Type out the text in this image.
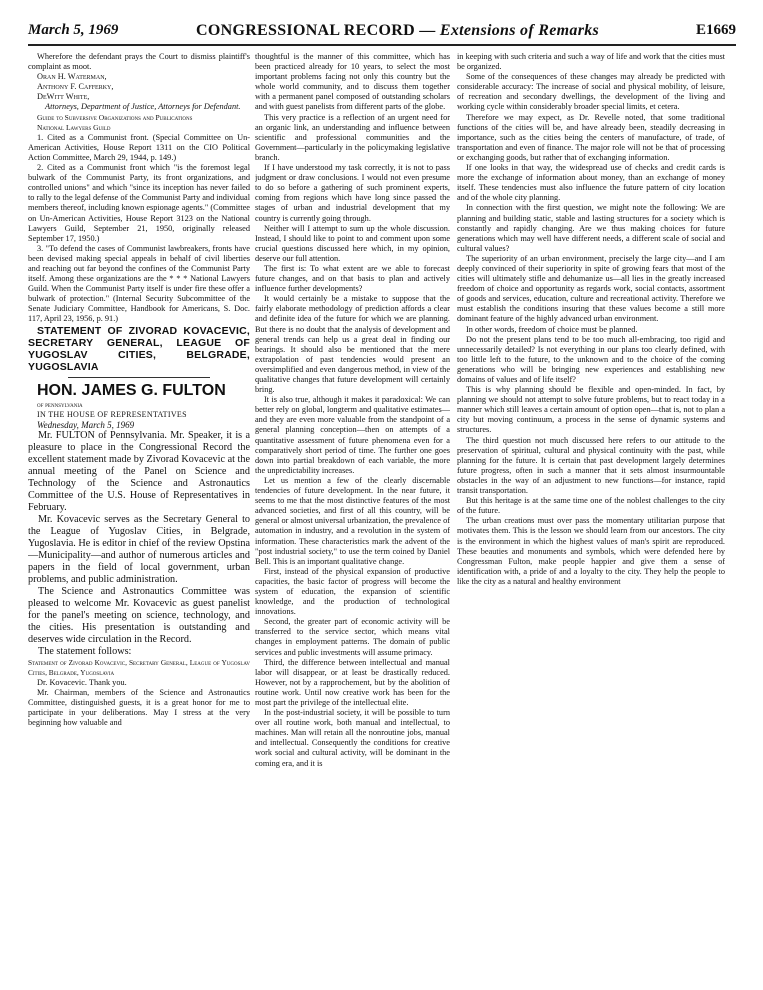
March 5, 1969	CONGRESSIONAL RECORD — Extensions of Remarks	E1669

Wherefore the defendant prays the Court to dismiss plaintiff's complaint as moot.

Oran H. Waterman,

Anthony F. Cafferky,

DeWitt White,

Attorneys, Department of Justice, Attorneys for Defendant.

Guide to Subversive Organizations and Publications

National Lawyers Guild

1. Cited as a Communist front. (Special Committee on Un-American Activities, House Report 1311 on the CIO Political Action Committee, March 29, 1944, p. 149.)

2. Cited as a Communist front which "is the foremost legal bulwark of the Communist Party, its front organizations, and controlled unions" and which "since its inception has never failed to rally to the legal defense of the Communist Party and individual members thereof, including known espionage agents." (Committee on Un-American Activities, House Report 3123 on the National Lawyers Guild, September 21, 1950, originally released September 17, 1950.)

3. "To defend the cases of Communist lawbreakers, fronts have been devised making special appeals in behalf of civil liberties and reaching out far beyond the confines of the Communist Party itself. Among these organizations are the * * * National Lawyers Guild. When the Communist Party itself is under fire these offer a bulwark of protection." (Internal Security Subcommittee of the Senate Judiciary Committee, Handbook for Americans, S. Doc. 117, April 23, 1956, p. 91.)

STATEMENT OF ZIVORAD KOVACEVIC, SECRETARY GENERAL, LEAGUE OF YUGOSLAV CITIES, BELGRADE, YUGOSLAVIA

HON. JAMES G. FULTON

of pennsylvania

IN THE HOUSE OF REPRESENTATIVES

Wednesday, March 5, 1969

Mr. FULTON of Pennsylvania. Mr. Speaker, it is a pleasure to place in the Congressional Record the excellent statement made by Zivorad Kovacevic at the annual meeting of the Panel on Science and Technology of the Science and Astronautics Committee of the U.S. House of Representatives in February.

Mr. Kovacevic serves as the Secretary General to the League of Yugoslav Cities, in Belgrade, Yugoslavia. He is editor in chief of the review Opstina—Municipality—and author of numerous articles and papers in the field of local government, urban problems, and public administration.

The Science and Astronautics Committee was pleased to welcome Mr. Kovacevic as guest panelist for the panel's meeting on science, technology, and the cities. His presentation is outstanding and deserves wide circulation in the Record.

The statement follows:

Statement of Zivorad Kovacevic, Secretary General, League of Yugoslav Cities, Belgrade, Yugoslavia

Dr. Kovacevic. Thank you.

Mr. Chairman, members of the Science and Astronautics Committee, distinguished guests, it is a great honor for me to participate in your deliberations. May I stress at the very beginning how valuable and

thoughtful is the manner of this committee, which has been practiced already for 10 years, to select the most important problems facing not only this country but the whole world community, and to discuss them together with a permanent panel composed of outstanding scholars and with guest panelists from different parts of the globe.

This very practice is a reflection of an urgent need for an organic link, an understanding and influence between scientific and professional communities and the Government—particularly in the policymaking legislative branch.

If I have understood my task correctly, it is not to pass judgment or draw conclusions. I would not even presume to do so before a gathering of such prominent experts, coming from regions which have long since passed the stages of urban and industrial development that my country is currently going through.

Neither will I attempt to sum up the whole discussion. Instead, I should like to point to and comment upon some crucial questions discussed here which, in my opinion, deserve our full attention.

The first is: To what extent are we able to forecast future changes, and on that basis to plan and actively influence further developments?

It would certainly be a mistake to suppose that the fairly elaborate methodology of prediction affords a clear and definite idea of the future for which we are planning. But there is no doubt that the analysis of development and general trends can help us a great deal in finding our bearings. It should also be mentioned that the mere extrapolation of past tendencies would present an oversimplified and even dangerous method, in view of the qualitative changes that future development will certainly bring.

It is also true, although it makes it paradoxical: We can better rely on global, longterm and qualitative estimates—and they are even more valuable from the standpoint of a general planning conception—then on attempts of a quantitative assessment of future phenomena even for a comparatively short period of time. The further one goes down into partial breakdown of each variable, the more the unpredictability increases.

Let us mention a few of the clearly discernable tendencies of future development. In the near future, it seems to me that the most distinctive features of the most advanced societies, and first of all this country, will be general or almost universal urbanization, the prevalence of automation in industry, and a revolution in the system of information. These characteristics mark the advent of the "post industrial society," to use the term coined by Daniel Bell. This is an important qualitative change.

First, instead of the physical expansion of productive capacities, the basic factor of progress will become the system of education, the expansion of scientific knowledge, and the production of technological innovations.

Second, the greater part of economic activity will be transferred to the service sector, which means vital changes in employment patterns. The domain of public services and public investments will assume primacy.

Third, the difference between intellectual and manual labor will disappear, or at least be drastically reduced. However, not by a rapprochement, but by the abolition of routine work. Until now creative work has been for the most part the privilege of the intellectual elite.

In the post-industrial society, it will be possible to turn over all routine work, both manual and intellectual, to machines. Man will retain all the nonroutine jobs, manual and intellectual. Consequently the conditions for creative work social and cultural activity, will be dominant in the coming era, and it is

in keeping with such criteria and such a way of life and work that the cities must be organized.

Some of the consequences of these changes may already be predicted with considerable accuracy: The increase of social and physical mobility, of leisure, of recreation and secondary dwellings, the development of the living and working cycle within considerably broader special limits, et cetera.

Therefore we may expect, as Dr. Revelle noted, that some traditional functions of the cities will be, and have already been, steadily decreasing in importance, such as the cities being the centers of manufacture, of trade, of transportation and even of finance. The major role will not be that of processing or exchanging goods, but rather that of exchanging information.

If one looks in that way, the widespread use of checks and credit cards is more the exchange of information about money, than an exchange of money itself. These tendencies must also influence the future pattern of city location and of the whole city planning.

In connection with the first question, we might note the following: We are planning and building static, stable and lasting structures for a society which is constantly and rapidly changing. Are we thus making choices for future generations which may well have different needs, a different scale of social and cultural values?

The superiority of an urban environment, precisely the large city—and I am deeply convinced of their superiority in spite of growing fears that most of the cities will ultimately stifle and dehumanize us—all lies in the greatly increased freedom of choice and opportunity as regards work, social contacts, assortment of goods and services, education, culture and recreational activity. Therefore we must establish the conditions insuring that these values become a still more dominant feature of the highly advanced urban environment.

In other words, freedom of choice must be planned.

Do not the present plans tend to be too much all-embracing, too rigid and unnecessarily detailed? Is not everything in our plans too clearly defined, with too little left to the future, to the unknown and to the choice of the coming generations who will be bringing new experiences and establishing new domains of values and of life itself?

This is why planning should be flexible and open-minded. In fact, by planning we should not attempt to solve future problems, but to react today in a manner which still leaves a certain amount of option open—that is, not to plan a city but moving continuum, a process in the sense of dynamic systems and structures.

The third question not much discussed here refers to our attitude to the preservation of spiritual, cultural and physical continuity with the past, while planning for the future. It is certain that past development largely determines future progress, often in such a manner that it sets almost insurmountable obstacles in the way of an adjustment to new functions—for instance, rapid transit transportation.

But this heritage is at the same time one of the noblest challenges to the city of the future.

The urban creations must over pass the momentary utilitarian purpose that motivates them. This is the lesson we should learn from our ancestors. The city is the environment in which the highest values of man's spirit are reproduced. These beauties and monuments and symbols, which were defended here by Congressman Fulton, make people happier and give them a sense of identification with, a pride of and a loyalty to the city. They help the people to like the city as a natural and healthy environment
